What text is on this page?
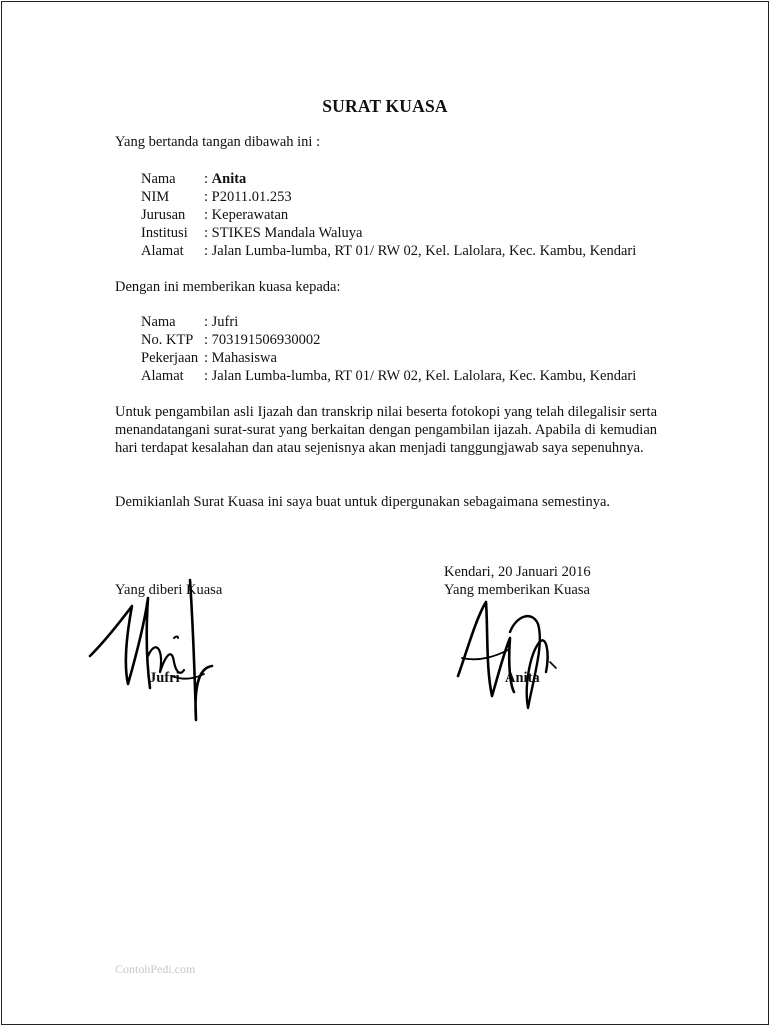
SURAT KUASA
Yang bertanda tangan dibawah ini :
Nama : Anita
NIM : P2011.01.253
Jurusan : Keperawatan
Institusi : STIKES Mandala Waluya
Alamat : Jalan Lumba-lumba, RT 01/ RW 02, Kel. Lalolara, Kec. Kambu, Kendari
Dengan ini memberikan kuasa kepada:
Nama : Jufri
No. KTP : 703191506930002
Pekerjaan : Mahasiswa
Alamat : Jalan Lumba-lumba, RT 01/ RW 02, Kel. Lalolara, Kec. Kambu, Kendari
Untuk pengambilan asli Ijazah dan transkrip nilai beserta fotokopi yang telah dilegalisir serta menandatangani surat-surat yang berkaitan dengan pengambilan ijazah. Apabila di kemudian hari terdapat kesalahan dan atau sejenisnya akan menjadi tanggungjawab saya sepenuhnya.
Demikianlah Surat Kuasa ini saya buat untuk dipergunakan sebagaimana semestinya.
Kendari, 20 Januari 2016
Yang diberi Kuasa	Yang memberikan Kuasa
Jufri	Anita
ContohPedi.com
